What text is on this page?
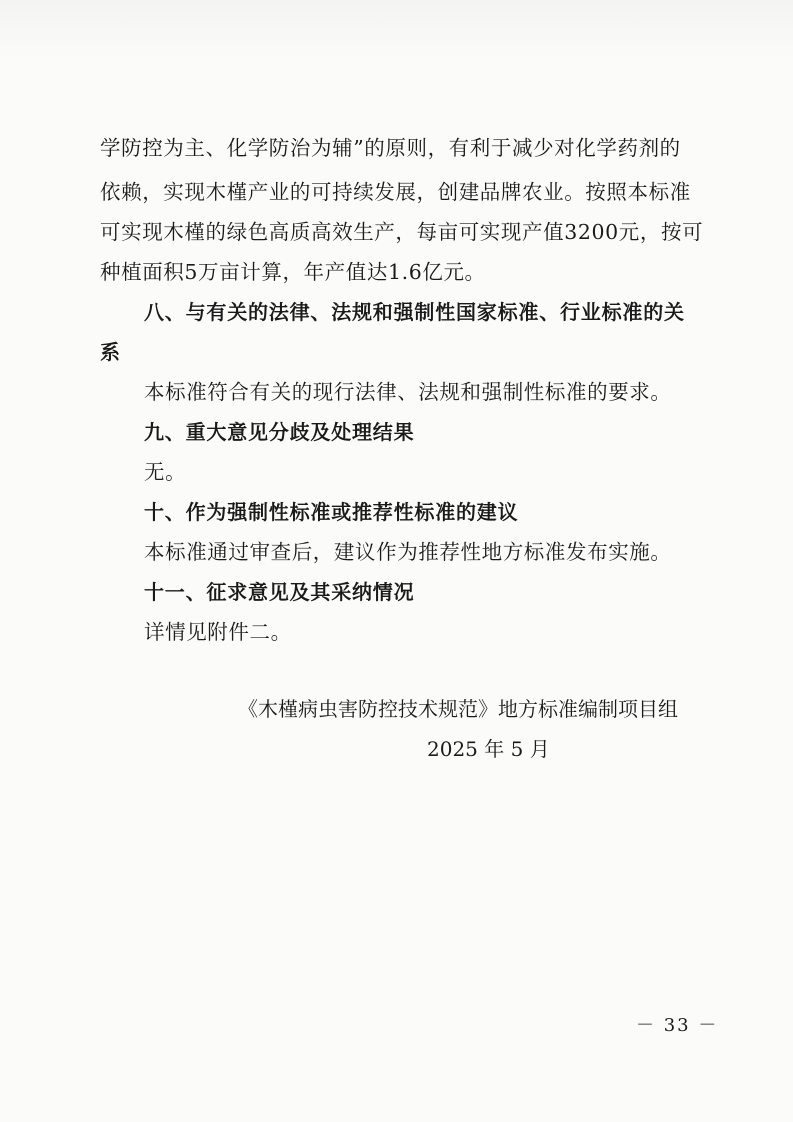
学防控为主、化学防治为辅”的原则，有利于减少对化学药剂的
依赖，实现木槿产业的可持续发展，创建品牌农业。按照本标准
可实现木槿的绿色高质高效生产，每亩可实现产值3200元，按可
种植面积5万亩计算，年产值达1.6亿元。
八、与有关的法律、法规和强制性国家标准、行业标准的关
系
本标准符合有关的现行法律、法规和强制性标准的要求。
九、重大意见分歧及处理结果
无。
十、作为强制性标准或推荐性标准的建议
本标准通过审查后，建议作为推荐性地方标准发布实施。
十一、征求意见及其采纳情况
详情见附件二。
《木槿病虫害防控技术规范》地方标准编制项目组
2025 年 5 月
－ 33 －
